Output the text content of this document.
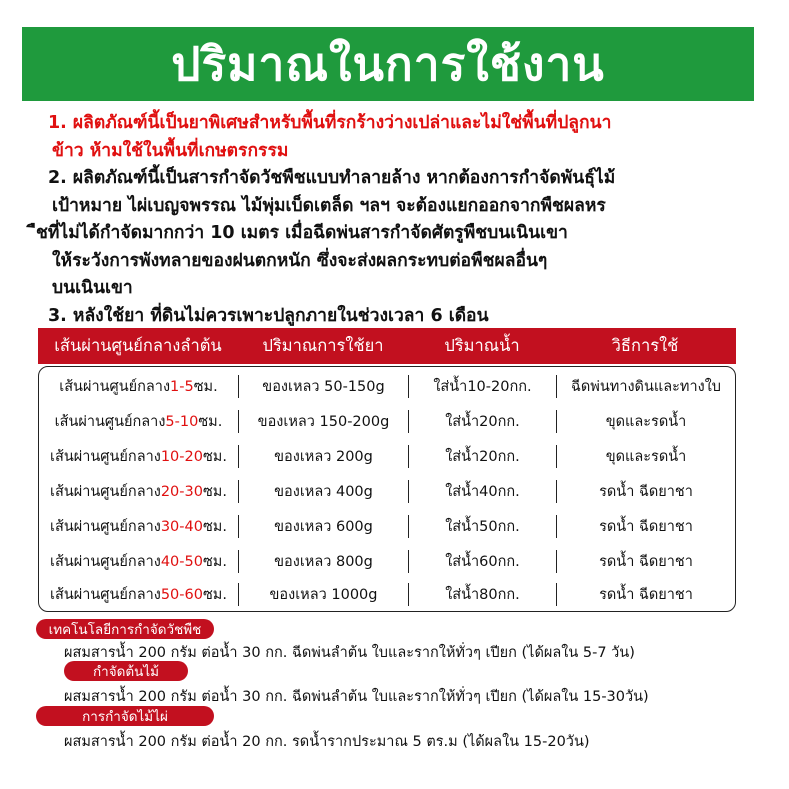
ปริมาณในการใช้งาน
1. ผลิตภัณฑ์นี้เป็นยาพิเศษสำหรับพื้นที่รกร้างว่างเปล่าและไม่ใช่พื้นที่ปลูกนา
ข้าว ห้ามใช้ในพื้นที่เกษตรกรรม
2. ผลิตภัณฑ์นี้เป็นสารกำจัดวัชพืชแบบทำลายล้าง หากต้องการกำจัดพันธุ์ไม้
เป้าหมาย ไผ่เบญจพรรณ ไม้พุ่มเบ็ดเตล็ด ฯลฯ จะต้องแยกออกจากพืชผลหร
ืชที่ไม่ได้กำจัดมากกว่า 10 เมตร เมื่อฉีดพ่นสารกำจัดศัตรูพืชบนเนินเขา
ให้ระวังการพังทลายของฝนตกหนัก ซึ่งจะส่งผลกระทบต่อพืชผลอื่นๆ
บนเนินเขา
3. หลังใช้ยา ที่ดินไม่ควรเพาะปลูกภายในช่วงเวลา 6 เดือน
เส้นผ่านศูนย์กลางลำต้น	ปริมาณการใช้ยา	ปริมาณน้ำ	วิธีการใช้
เส้นผ่านศูนย์กลาง1-5ซม.	ของเหลว 50-150g	ใส่น้ำ10-20กก.	ฉีดพ่นทางดินและทางใบ
เส้นผ่านศูนย์กลาง5-10ซม.	ของเหลว 150-200g	ใส่น้ำ20กก.	ขุดและรดน้ำ
เส้นผ่านศูนย์กลาง10-20ซม.	ของเหลว 200g	ใส่น้ำ20กก.	ขุดและรดน้ำ
เส้นผ่านศูนย์กลาง20-30ซม.	ของเหลว 400g	ใส่น้ำ40กก.	รดน้ำ ฉีดยาชา
เส้นผ่านศูนย์กลาง30-40ซม.	ของเหลว 600g	ใส่น้ำ50กก.	รดน้ำ ฉีดยาชา
เส้นผ่านศูนย์กลาง40-50ซม.	ของเหลว 800g	ใส่น้ำ60กก.	รดน้ำ ฉีดยาชา
เส้นผ่านศูนย์กลาง50-60ซม.	ของเหลว 1000g	ใส่น้ำ80กก.	รดน้ำ ฉีดยาชา
เทคโนโลยีการกำจัดวัชพืช
ผสมสารน้ำ 200 กรัม ต่อน้ำ 30 กก. ฉีดพ่นลำต้น ใบและรากให้ทั่วๆ เปียก (ได้ผลใน 5-7 วัน)
กำจัดต้นไม้
ผสมสารน้ำ 200 กรัม ต่อน้ำ 30 กก. ฉีดพ่นลำต้น ใบและรากให้ทั่วๆ เปียก (ได้ผลใน 15-30วัน)
การกำจัดไม้ไผ่
ผสมสารน้ำ 200 กรัม ต่อน้ำ 20 กก. รดน้ำรากประมาณ 5 ตร.ม (ได้ผลใน 15-20วัน)
